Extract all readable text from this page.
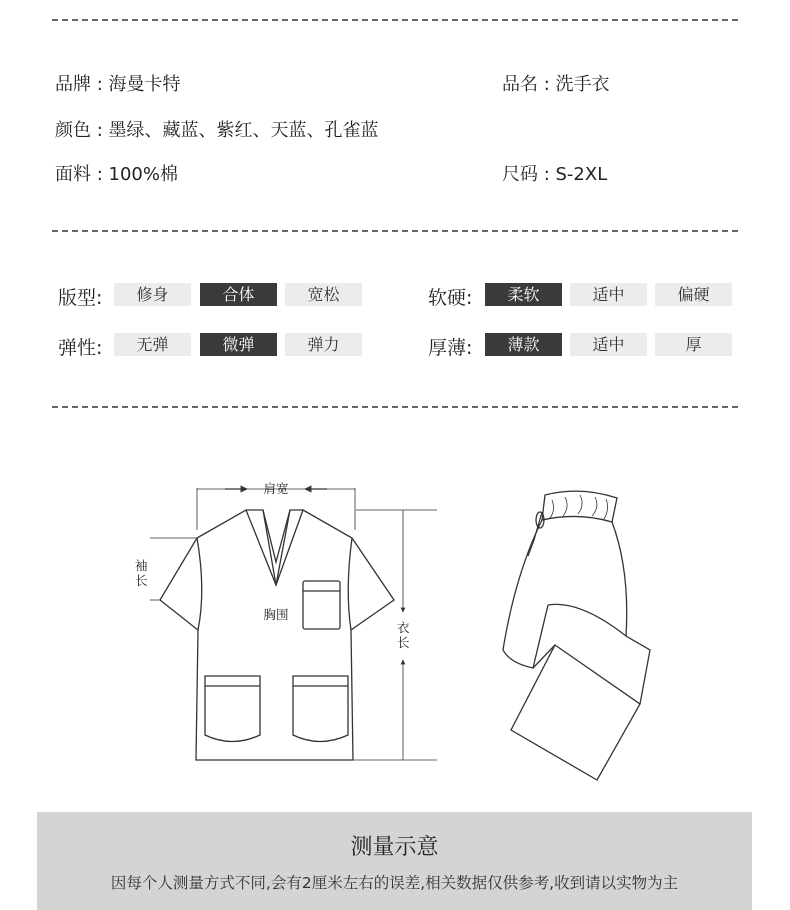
品牌 : 海曼卡特	品名 : 洗手衣
颜色 : 墨绿、藏蓝、紫红、天蓝、孔雀蓝
面料 : 100%棉	尺码 : S-2XL
版型:	修身	合体	宽松	软硬:	柔软	适中	偏硬
弹性:	无弹	微弹	弹力	厚薄:	薄款	适中	厚
肩宽
胸围
袖
长
衣
长
测量示意
因每个人测量方式不同,会有2厘米左右的误差,相关数据仅供参考,收到请以实物为主
